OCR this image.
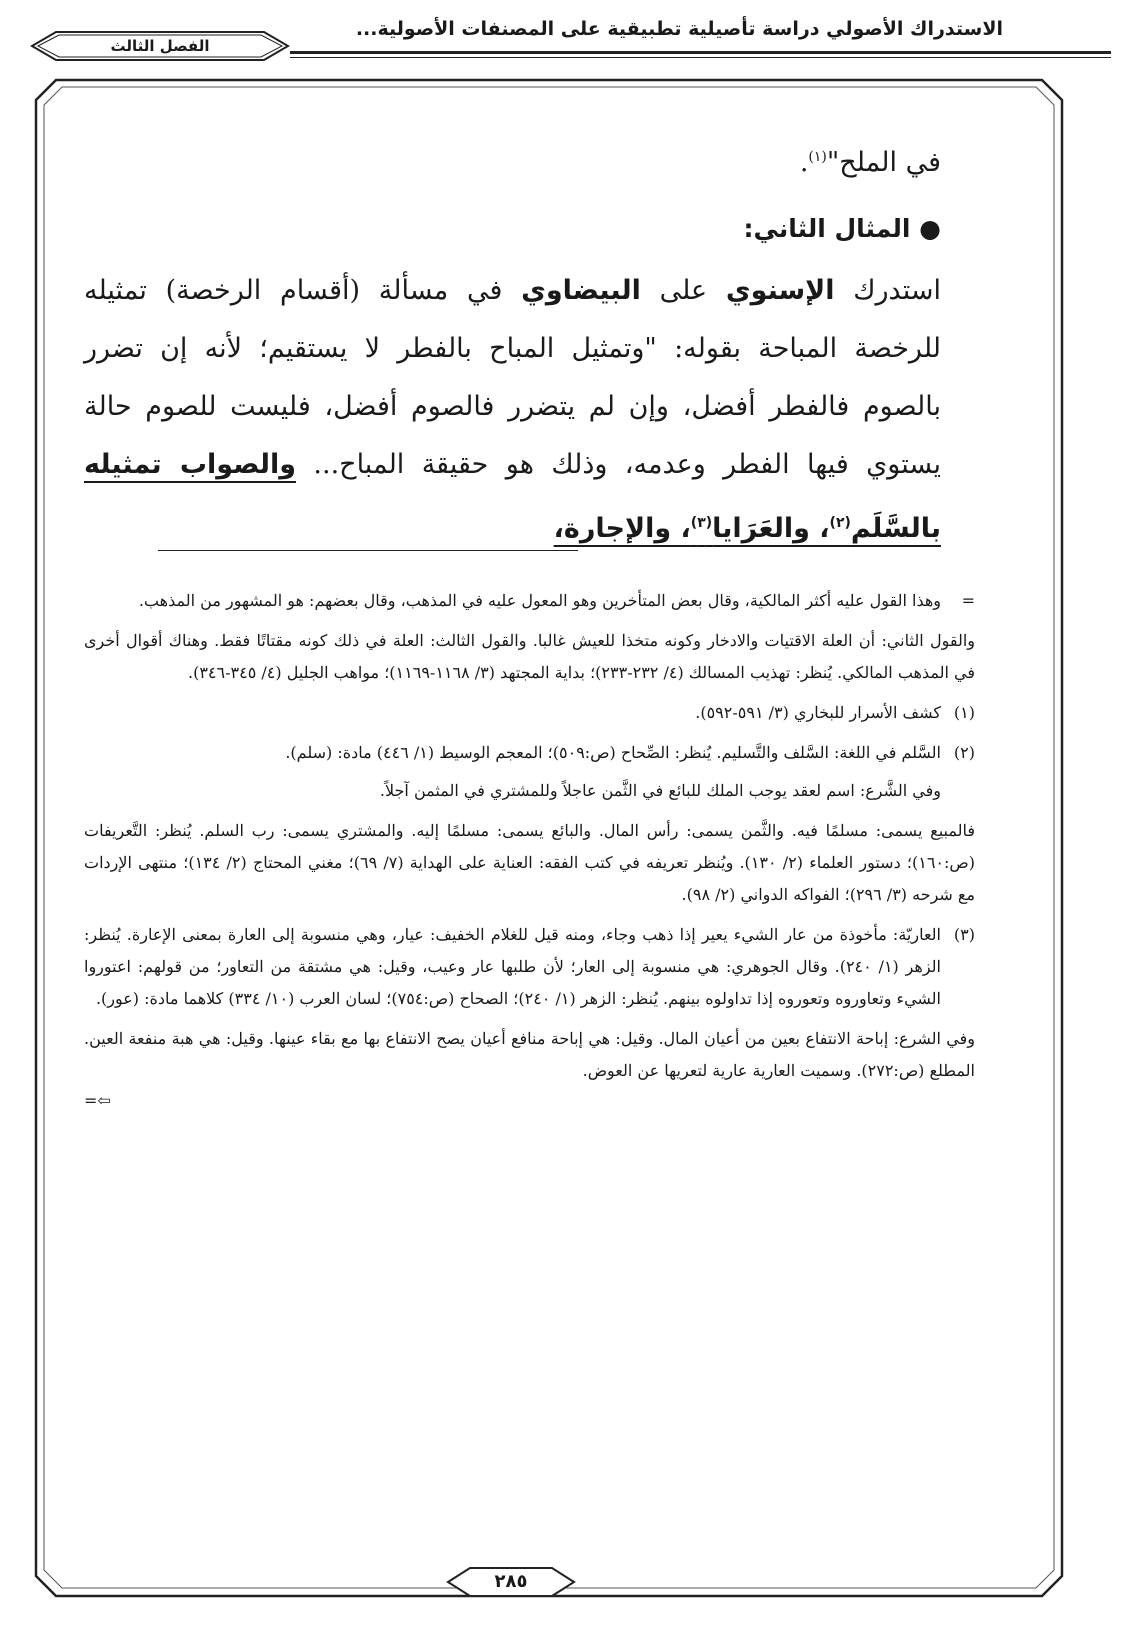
الاستدراك الأصولي دراسة تأصيلية تطبيقية على المصنفات الأصولية...
الفصل الثالث
في الملح"$^{(١)}$.
● المثال الثاني:
استدرك الإسنوي على البيضاوي في مسألة (أقسام الرخصة) تمثيله للرخصة المباحة بقوله: "وتمثيل المباح بالفطر لا يستقيم؛ لأنه إن تضرر بالصوم فالفطر أفضل، وإن لم يتضرر فالصوم أفضل، فليست للصوم حالة يستوي فيها الفطر وعدمه، وذلك هو حقيقة المباح... والصواب تمثيله بالسَّلَم$^{(٢)}$، والعَرَايا$^{(٣)}$، والإجارة،
=

وهذا القول عليه أكثر المالكية، وقال بعض المتأخرين وهو المعول عليه في المذهب، وقال بعضهم: هو المشهور من المذهب.

والقول الثاني: أن العلة الاقتيات والادخار وكونه متخذا للعيش غالبا. والقول الثالث: العلة في ذلك كونه مقتاتًا فقط. وهناك أقوال أخرى في المذهب المالكي. يُنظر: تهذيب المسالك (٤/ ٢٣٢-٢٣٣)؛ بداية المجتهد (٣/ ١١٦٨-١١٦٩)؛ مواهب الجليل (٤/ ٣٤٥-٣٤٦).

(١)

كشف الأسرار للبخاري (٣/ ٥٩١-٥٩٢).

(٢)

السَّلم في اللغة: السَّلف والتَّسليم. يُنظر: الصِّحاح (ص:٥٠٩)؛ المعجم الوسيط (١/ ٤٤٦) مادة: (سلم).

وفي الشَّرع: اسم لعقد يوجب الملك للبائع في الثَّمن عاجلاً وللمشتري في المثمن آجلاً.

فالمبيع يسمى: مسلمًا فيه. والثَّمن يسمى: رأس المال. والبائع يسمى: مسلمًا إليه. والمشتري يسمى: رب السلم. يُنظر: التَّعريفات (ص:١٦٠)؛ دستور العلماء (٢/ ١٣٠). ويُنظر تعريفه في كتب الفقه: العناية على الهداية (٧/ ٦٩)؛ مغني المحتاج (٢/ ١٣٤)؛ منتهى الإردات مع شرحه (٣/ ٢٩٦)؛ الفواكه الدواني (٢/ ٩٨).

(٣)

العاريّة: مأخوذة من عار الشيء يعير إذا ذهب وجاء، ومنه قيل للغلام الخفيف: عيار، وهي منسوبة إلى العارة بمعنى الإعارة. يُنظر: الزهر (١/ ٢٤٠). وقال الجوهري: هي منسوبة إلى العار؛ لأن طلبها عار وعيب، وقيل: هي مشتقة من التعاور؛ من قولهم: اعتوروا الشيء وتعاوروه وتعوروه إذا تداولوه بينهم. يُنظر: الزهر (١/ ٢٤٠)؛ الصحاح (ص:٧٥٤)؛ لسان العرب (١٠/ ٣٣٤) كلاهما مادة: (عور).

وفي الشرع: إباحة الانتفاع بعين من أعيان المال. وقيل: هي إباحة منافع أعيان يصح الانتفاع بها مع بقاء عينها. وقيل: هي هبة منفعة العين. المطلع (ص:٢٧٢). وسميت العارية عارية لتعريها عن العوض.

⇦=

٢٨٥
